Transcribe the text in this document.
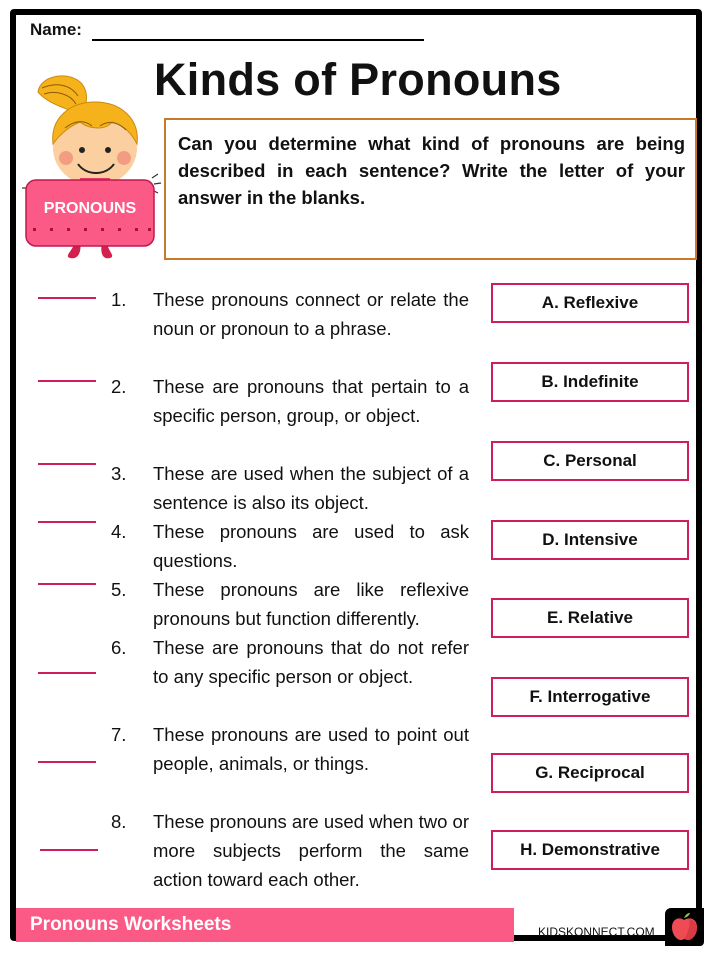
Name:
Kinds of Pronouns
PRONOUNS
Can you determine what kind of pronouns are being described in each sentence? Write the letter of your answer in the blanks.
1. These pronouns connect or relate the noun or pronoun to a phrase.
2. These are pronouns that pertain to a specific person, group, or object.
3. These are used when the subject of a sentence is also its object.
4. These pronouns are used to ask questions.
5. These pronouns are like reflexive pronouns but function differently.
6. These are pronouns that do not refer to any specific person or object.
7. These pronouns are used to point out people, animals, or things.
8. These pronouns are used when two or more subjects perform the same action toward each other.
A. Reflexive
B. Indefinite
C. Personal
D. Intensive
E. Relative
F. Interrogative
G. Reciprocal
H. Demonstrative
Pronouns Worksheets	KIDSKONNECT.COM
